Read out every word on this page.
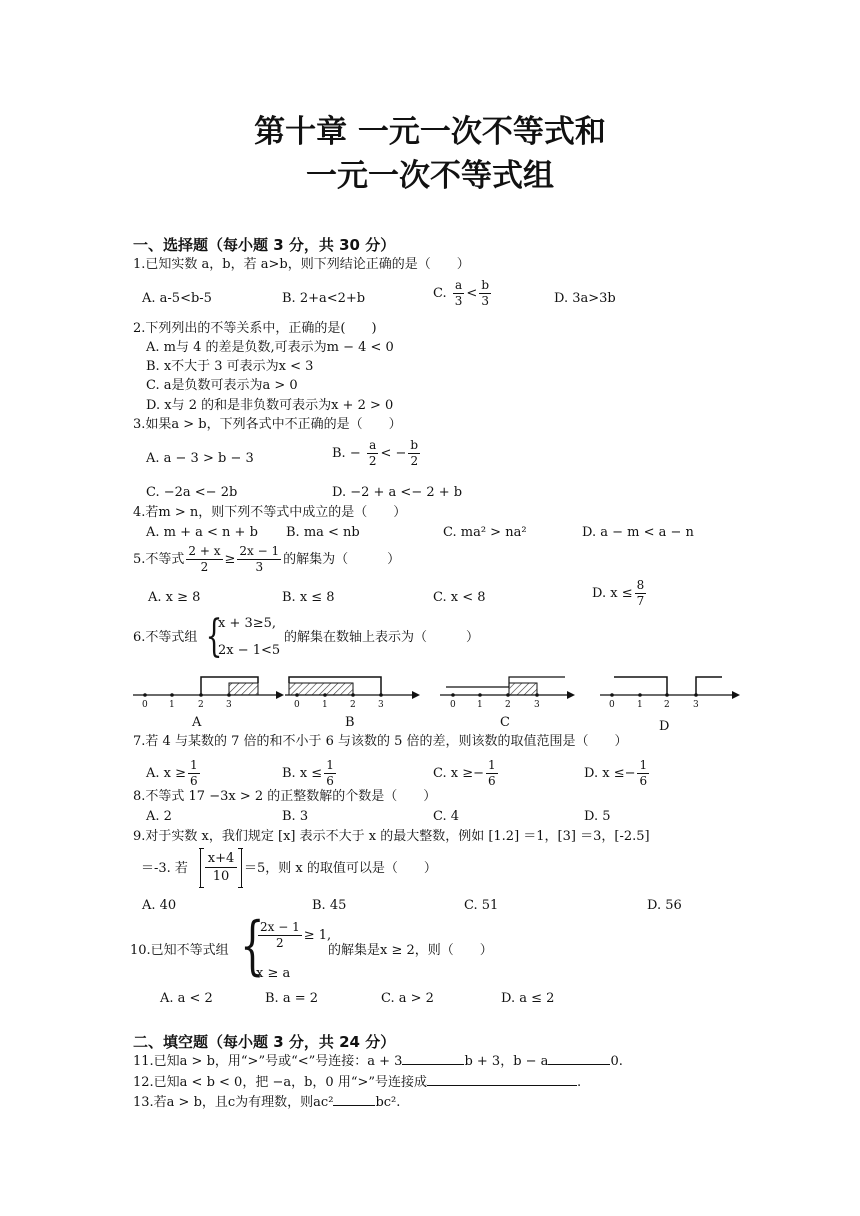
第十章 一元一次不等式和
一元一次不等式组
一、选择题（每小题 3 分，共 30 分）
1.已知实数 a，b，若 a>b，则下列结论正确的是（　　）
A. a-5<b-5	B. 2+a<2+b	C. $\frac{a}{3} < \frac{b}{3}$	D. 3a>3b
2.下列列出的不等关系中，正确的是(　　)
A. m与 4 的差是负数,可表示为m − 4 < 0
B. x不大于 3 可表示为x < 3
C. a是负数可表示为a > 0
D. x与 2 的和是非负数可表示为x + 2 > 0
3.如果a > b，下列各式中不正确的是（　　）
A. a − 3 > b − 3	B. − $\frac{a}{2}$ < − $\frac{b}{2}$
C. −2a <− 2b	D. −2 + a <− 2 + b
4.若m > n，则下列不等式中成立的是（　　）
A. m + a < n + b B. ma < nb	C. ma² > na²	D. a − m < a − n
5.不等式 $\frac{2 + x}{2} \ge \frac{2x - 1}{3}$ 的解集为（　　　）
A. x ≥ 8	B. x ≤ 8	C. x < 8	D. $x \le \frac{8}{7}$
6.不等式组 {
x + 3≥5,
2x − 1<5
的解集在数轴上表示为（　　　）
0 1	2 3
A
0 1 2 3
B
0 1 2	3
C
0 1 2	3
D
7.若 4 与某数的 7 倍的和不小于 6 与该数的 5 倍的差，则该数的取值范围是（　　）
A. $x \ge \frac{1}{6}$	B. $x \le \frac{1}{6}$	C. $x \ge- \frac{1}{6}$	D. $x \le- \frac{1}{6}$
8.不等式 17 −3x > 2 的正整数解的个数是（　　）
A. 2	B. 3	C. 4	D. 5
9.对于实数 x，我们规定 [x] 表示不大于 x 的最大整数，例如 [1.2] ＝1，[3] ＝3，[-2.5]
＝-3. 若
x+4
10
＝5，则 x 的取值可以是（　　）
A. 40	B. 45	C. 51	D. 56
10.已知不等式组 {
$\frac{2x - 1}{2} \ge 1$,
x ≥ a
的解集是x ≥ 2，则（　　）
A. a < 2	B. a = 2	C. a > 2	D. a ≤ 2
二、填空题（每小题 3 分，共 24 分）
11.已知a > b，用“>”号或“<”号连接：a + 3	b + 3，b − a	0.
12.已知a < b < 0，把 −a，b，0 用“>”号连接成	.
13.若a > b，且c为有理数，则ac²	bc².
